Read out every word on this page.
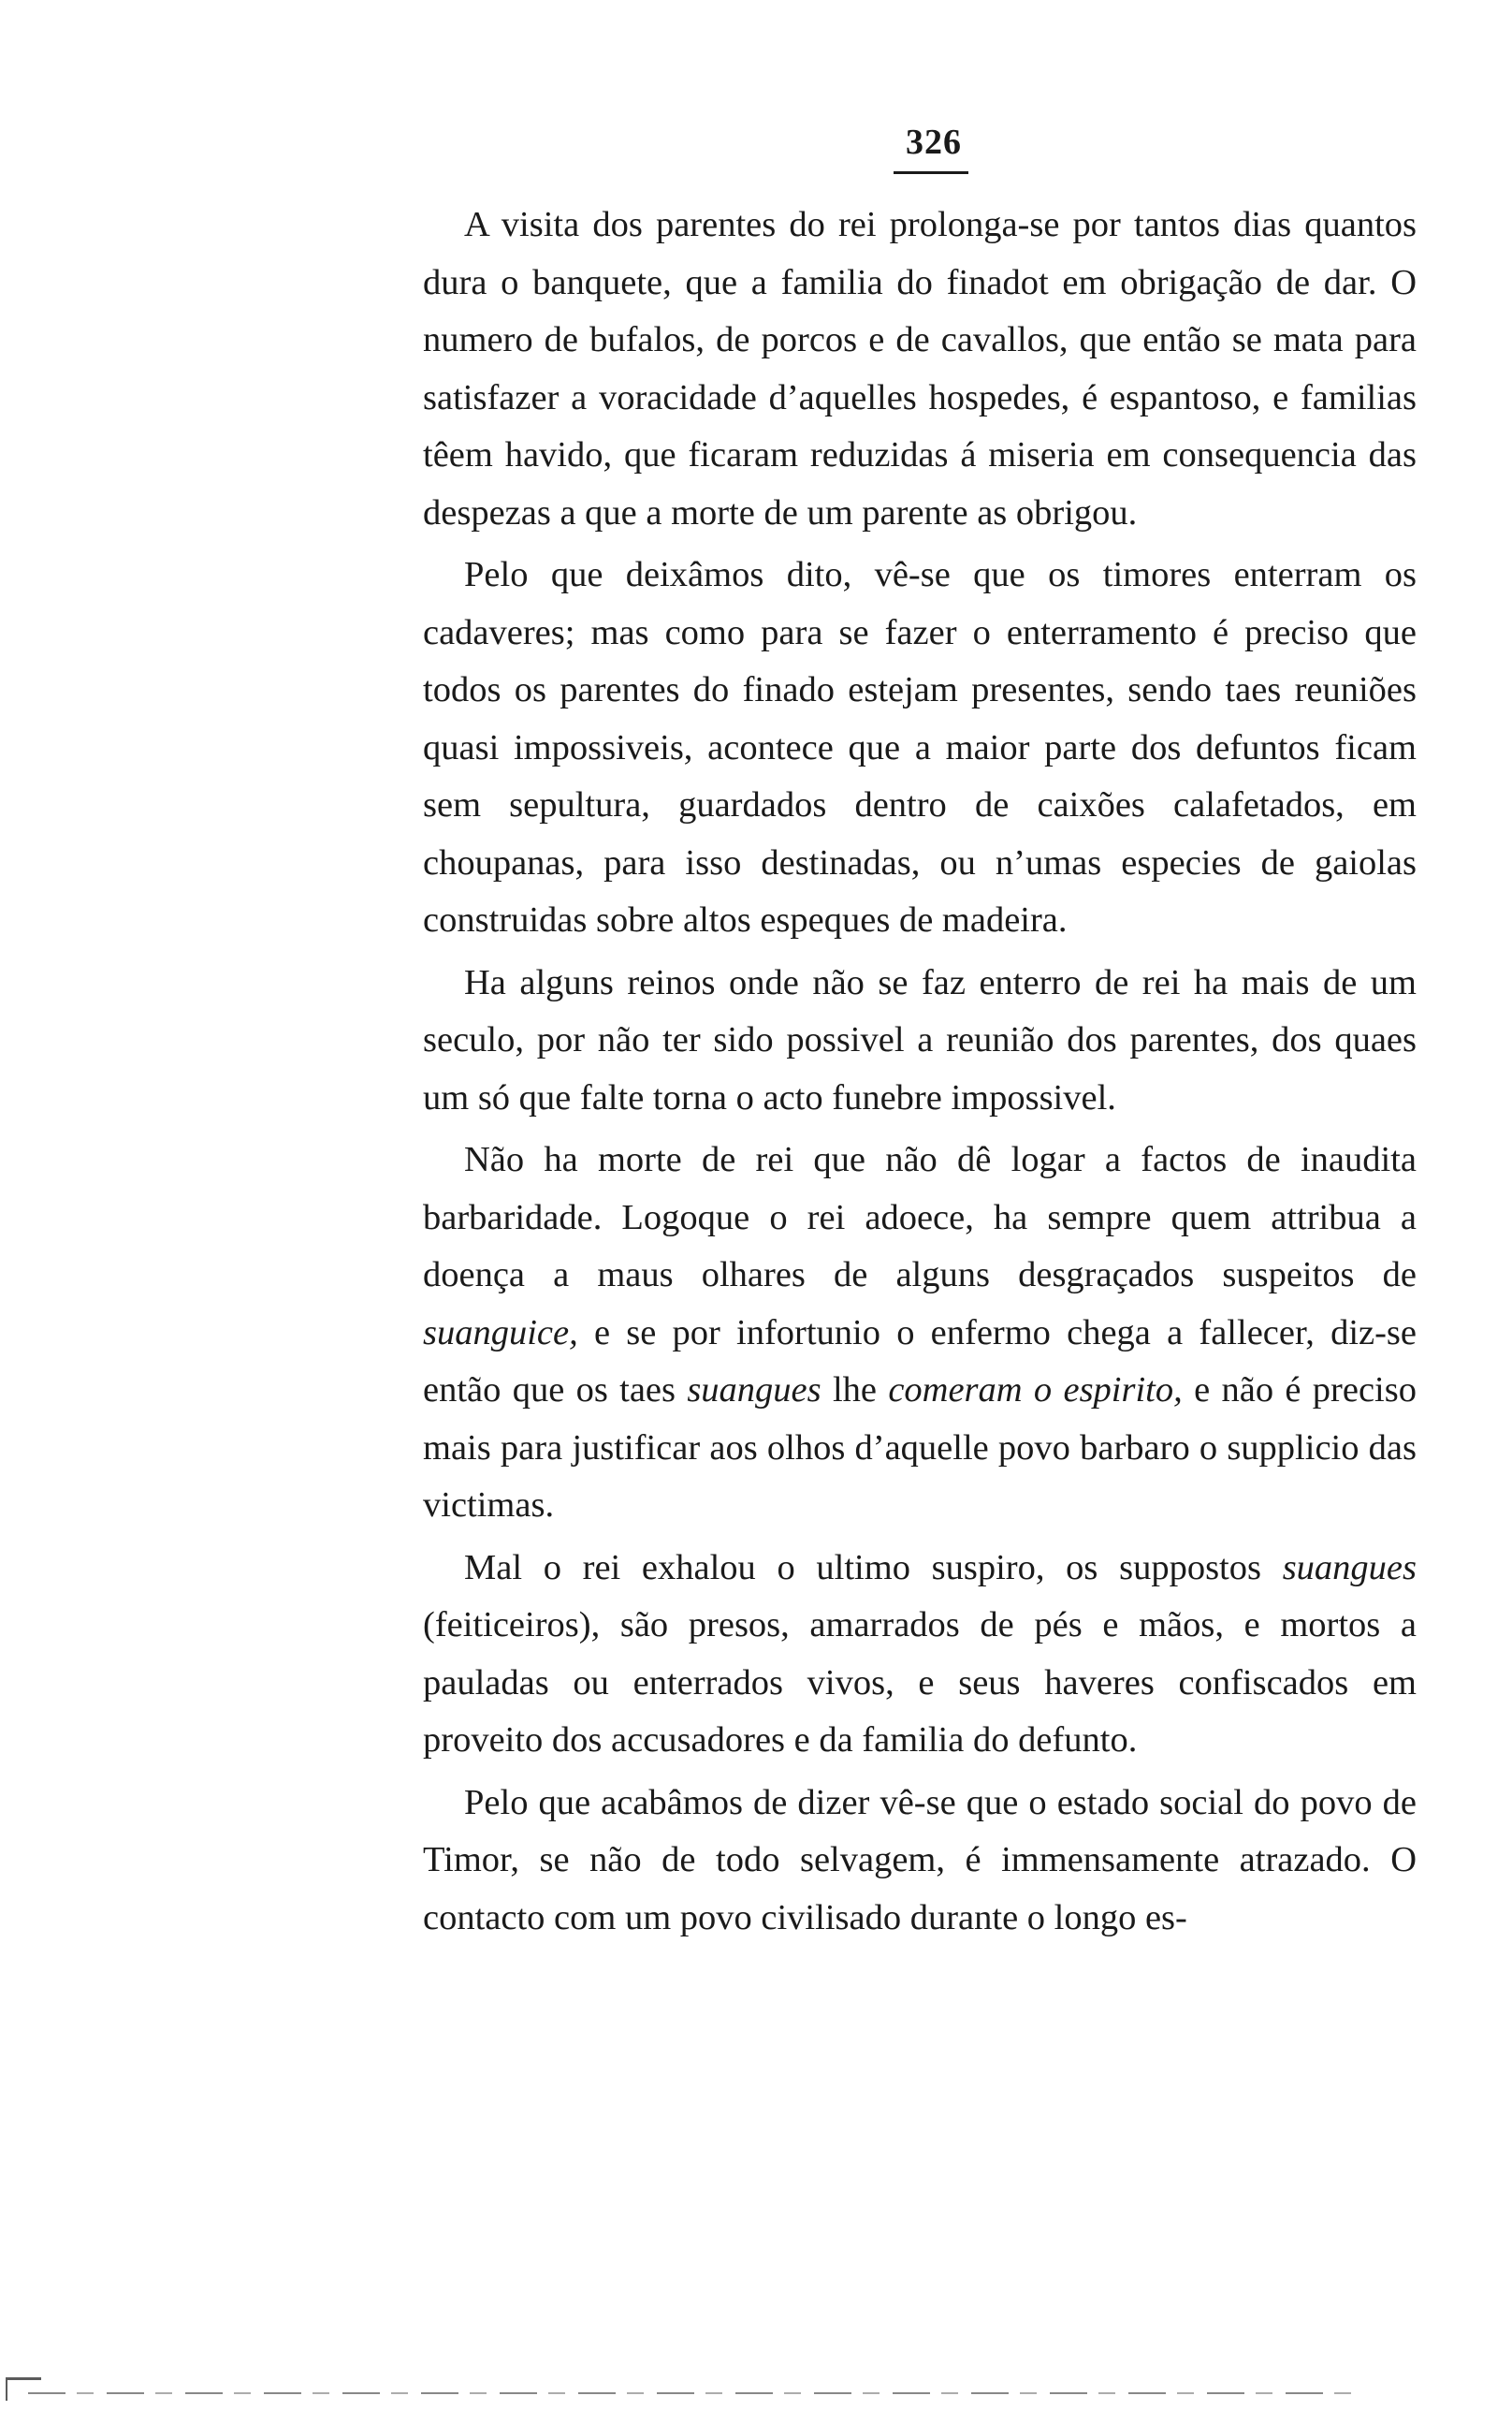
326

A visita dos parentes do rei prolonga-se por tantos dias quantos dura o banquete, que a familia do finadot em obrigação de dar. O numero de bufalos, de porcos e de cavallos, que então se mata para satisfazer a voracidade d’aquelles hospedes, é espantoso, e familias têem havido, que ficaram reduzidas á miseria em consequencia das despezas a que a morte de um parente as obrigou.

Pelo que deixâmos dito, vê-se que os timores enterram os cadaveres; mas como para se fazer o enterramento é preciso que todos os parentes do finado estejam presentes, sendo taes reuniões quasi impossiveis, acontece que a maior parte dos defuntos ficam sem sepultura, guardados dentro de caixões calafetados, em choupanas, para isso destinadas, ou n’umas especies de gaiolas construidas sobre altos espeques de madeira.

Ha alguns reinos onde não se faz enterro de rei ha mais de um seculo, por não ter sido possivel a reunião dos parentes, dos quaes um só que falte torna o acto funebre impossivel.

Não ha morte de rei que não dê logar a factos de inaudita barbaridade. Logoque o rei adoece, ha sempre quem attribua a doença a maus olhares de alguns desgraçados suspeitos de suanguice, e se por infortunio o enfermo chega a fallecer, diz-se então que os taes suangues lhe comeram o espirito, e não é preciso mais para justificar aos olhos d’aquelle povo barbaro o supplicio das victimas.

Mal o rei exhalou o ultimo suspiro, os suppostos suangues (feiticeiros), são presos, amarrados de pés e mãos, e mortos a pauladas ou enterrados vivos, e seus haveres confiscados em proveito dos accusadores e da familia do defunto.

Pelo que acabâmos de dizer vê-se que o estado social do povo de Timor, se não de todo selvagem, é immensamente atrazado. O contacto com um povo civilisado durante o longo es-
